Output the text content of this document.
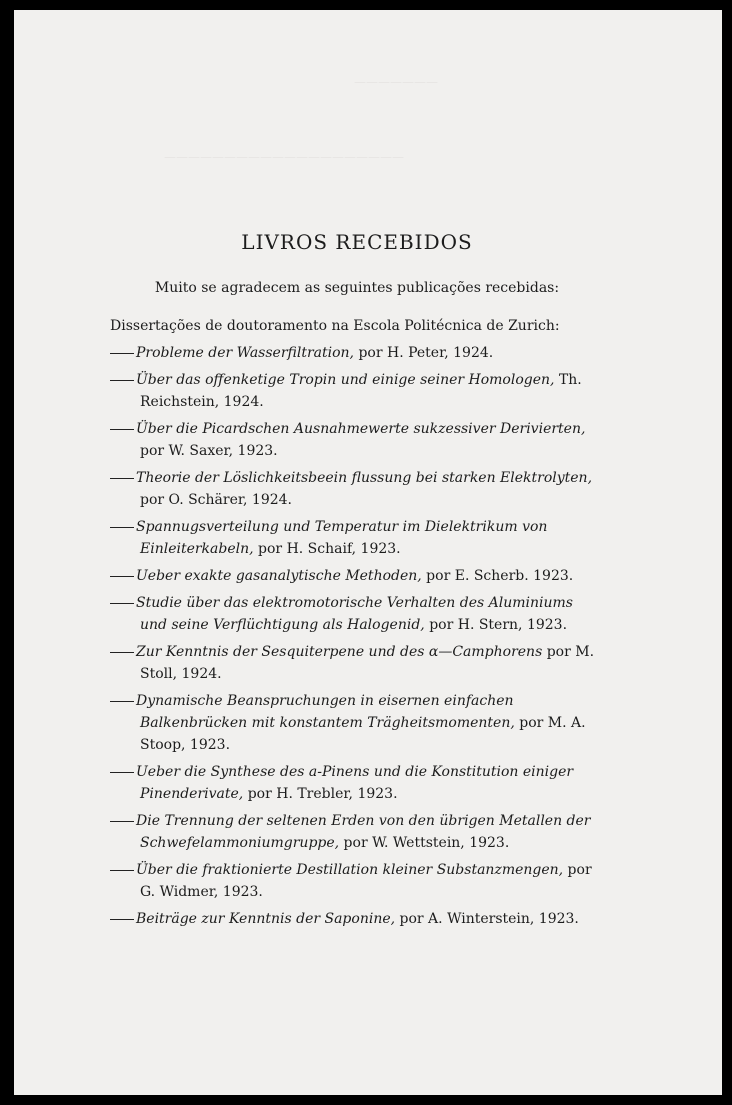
———————
————————————————————
LIVROS RECEBIDOS

Muito se agradecem as seguintes publicações recebidas:

Dissertações de doutoramento na Escola Politécnica de Zurich:

Probleme der Wasserfiltration, por H. Peter, 1924.

Über das offenketige Tropin und einige seiner Homologen, Th. Reichstein, 1924.

Über die Picardschen Ausnahmewerte sukzessiver Derivierten, por W. Saxer, 1923.

Theorie der Löslichkeitsbeein flussung bei starken Elektrolyten, por O. Schärer, 1924.

Spannugsverteilung und Temperatur im Dielektrikum von Einleiterkabeln, por H. Schaif, 1923.

Ueber exakte gasanalytische Methoden, por E. Scherb. 1923.

Studie über das elektromotorische Verhalten des Aluminiums und seine Verflüchtigung als Halogenid, por H. Stern, 1923.

Zur Kenntnis der Sesquiterpene und des α—Camphorens por M. Stoll, 1924.

Dynamische Beanspruchungen in eisernen einfachen Balkenbrücken mit konstantem Trägheitsmomenten, por M. A. Stoop, 1923.

Ueber die Synthese des a-Pinens und die Konstitution einiger Pinenderivate, por H. Trebler, 1923.

Die Trennung der seltenen Erden von den übrigen Metallen der Schwefelammoniumgruppe, por W. Wettstein, 1923.

Über die fraktionierte Destillation kleiner Substanzmengen, por G. Widmer, 1923.

Beiträge zur Kenntnis der Saponine, por A. Winterstein, 1923.
